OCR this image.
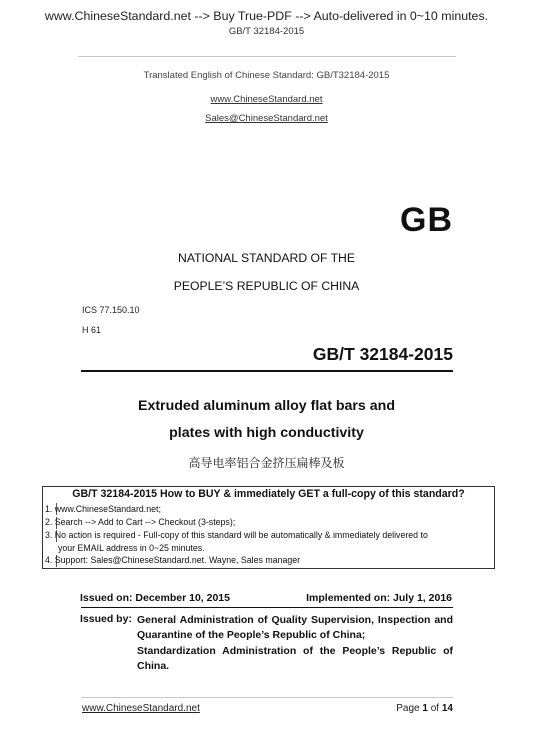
www.ChineseStandard.net --> Buy True-PDF --> Auto-delivered in 0~10 minutes.
GB/T 32184-2015
Translated English of Chinese Standard: GB/T32184-2015
www.ChineseStandard.net
Sales@ChineseStandard.net
GB
NATIONAL STANDARD OF THE
PEOPLE’S REPUBLIC OF CHINA
ICS 77.150.10
H 61
GB/T 32184-2015
Extruded aluminum alloy flat bars and
plates with high conductivity
高导电率铝合金挤压扁棒及板
GB/T 32184-2015 How to BUY & immediately GET a full-copy of this standard?
1. www.ChineseStandard.net;
2. Search --> Add to Cart --> Checkout (3-steps);
3. No action is required - Full-copy of this standard will be automatically & immediately delivered to
your EMAIL address in 0~25 minutes.
4. Support: Sales@ChineseStandard.net. Wayne, Sales manager
Issued on: December 10, 2015	Implemented on: July 1, 2016
Issued by: General Administration of Quality Supervision, Inspection and Quarantine of the People’s Republic of China;
Standardization Administration of the People’s Republic of China.
www.ChineseStandard.net	Page 1 of 14
